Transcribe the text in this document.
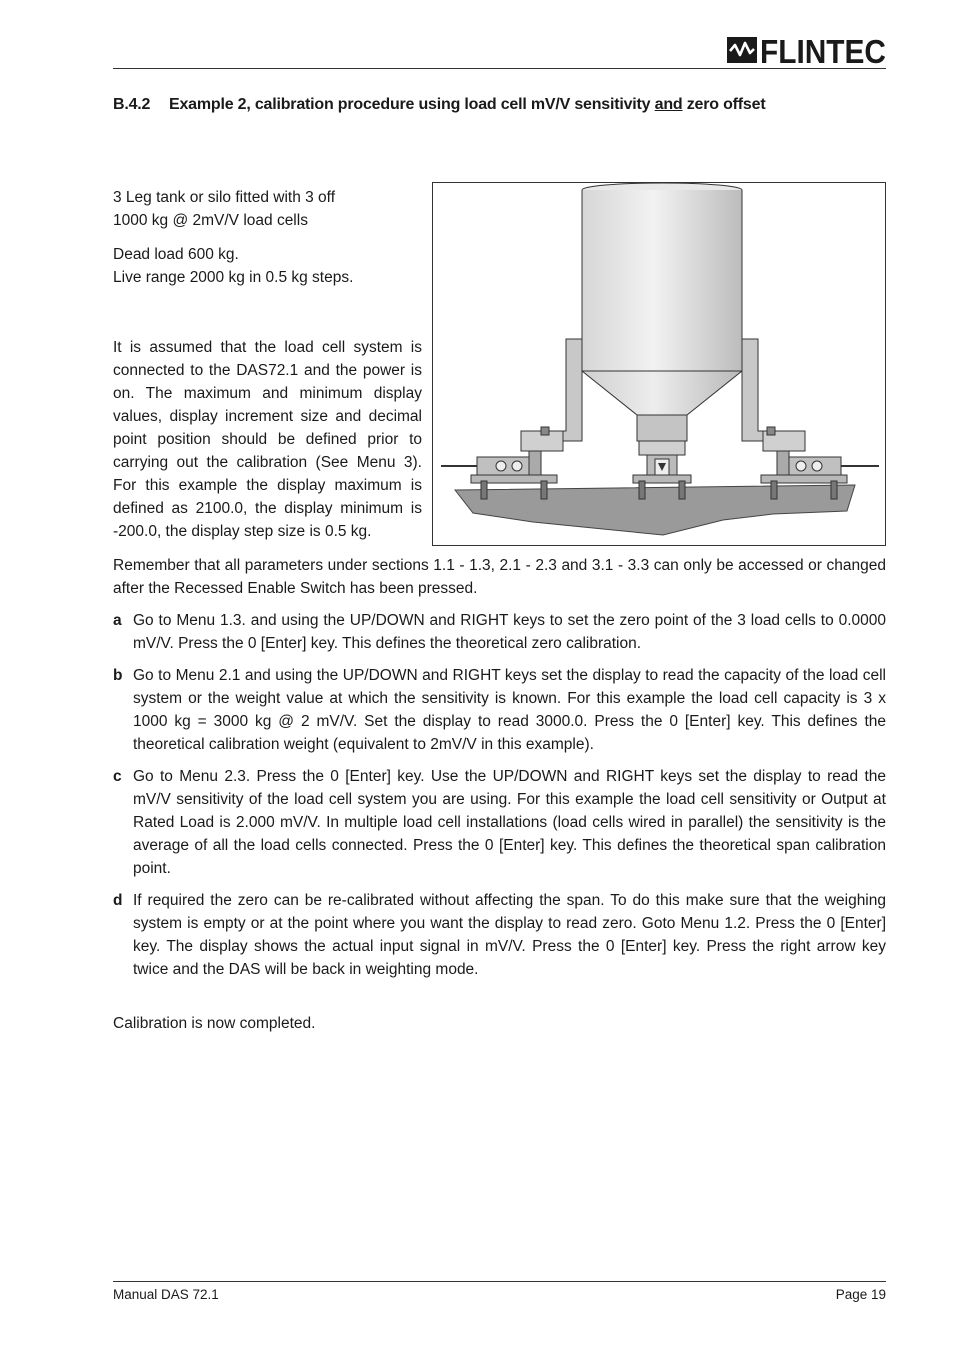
FLINTEC
B.4.2 Example 2, calibration procedure using load cell mV/V sensitivity and zero offset

3 Leg tank or silo fitted with 3 off
1000 kg @ 2mV/V load cells

Dead load 600 kg.
Live range 2000 kg in 0.5 kg steps.

It is assumed that the load cell system is connected to the DAS72.1 and the power is on. The maximum and minimum display values, display increment size and decimal point position should be defined prior to carrying out the calibration (See Menu 3). For this example the display maximum is defined as 2100.0, the display minimum is -200.0, the display step size is 0.5 kg.

Remember that all parameters under sections 1.1 - 1.3, 2.1 - 2.3 and 3.1 - 3.3 can only be accessed or changed after the Recessed Enable Switch has been pressed.

a Go to Menu 1.3. and using the UP/DOWN and RIGHT keys to set the zero point of the 3 load cells to 0.0000 mV/V. Press the 0 [Enter] key. This defines the theoretical zero calibration.
b Go to Menu 2.1 and using the UP/DOWN and RIGHT keys set the display to read the capacity of the load cell system or the weight value at which the sensitivity is known. For this example the load cell capacity is 3 x 1000 kg = 3000 kg @ 2 mV/V. Set the display to read 3000.0. Press the 0 [Enter] key. This defines the theoretical calibration weight (equivalent to 2mV/V in this example).
c Go to Menu 2.3. Press the 0 [Enter] key. Use the UP/DOWN and RIGHT keys set the display to read the mV/V sensitivity of the load cell system you are using. For this example the load cell sensitivity or Output at Rated Load is 2.000 mV/V. In multiple load cell installations (load cells wired in parallel) the sensitivity is the average of all the load cells connected. Press the 0 [Enter] key. This defines the theoretical span calibration point.
d If required the zero can be re-calibrated without affecting the span. To do this make sure that the weighing system is empty or at the point where you want the display to read zero. Goto Menu 1.2. Press the 0 [Enter] key. The display shows the actual input signal in mV/V. Press the 0 [Enter] key. Press the right arrow key twice and the DAS will be back in weighting mode.

Calibration is now completed.

Manual DAS 72.1	Page 19
